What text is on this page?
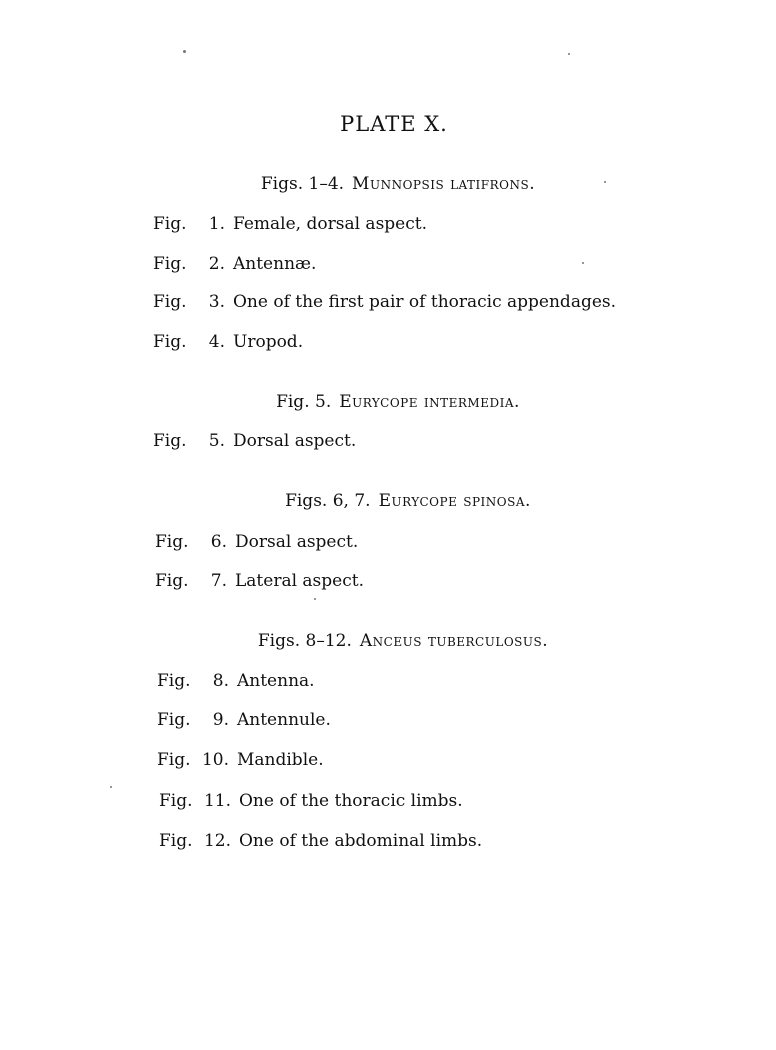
PLATE X.
Figs. 1–4. Munnopsis latifrons.
Fig.	1. Female, dorsal aspect.
Fig.	2. Antennæ.
Fig.	3. One of the first pair of thoracic appendages.
Fig.	4. Uropod.
Fig. 5. Eurycope intermedia.
Fig.	5. Dorsal aspect.
Figs. 6, 7. Eurycope spinosa.
Fig.	6. Dorsal aspect.
Fig.	7. Lateral aspect.
Figs. 8–12. Anceus tuberculosus.
Fig.	8. Antenna.
Fig.	9. Antennule.
Fig. 10. Mandible.
Fig. 11. One of the thoracic limbs.
Fig. 12. One of the abdominal limbs.
